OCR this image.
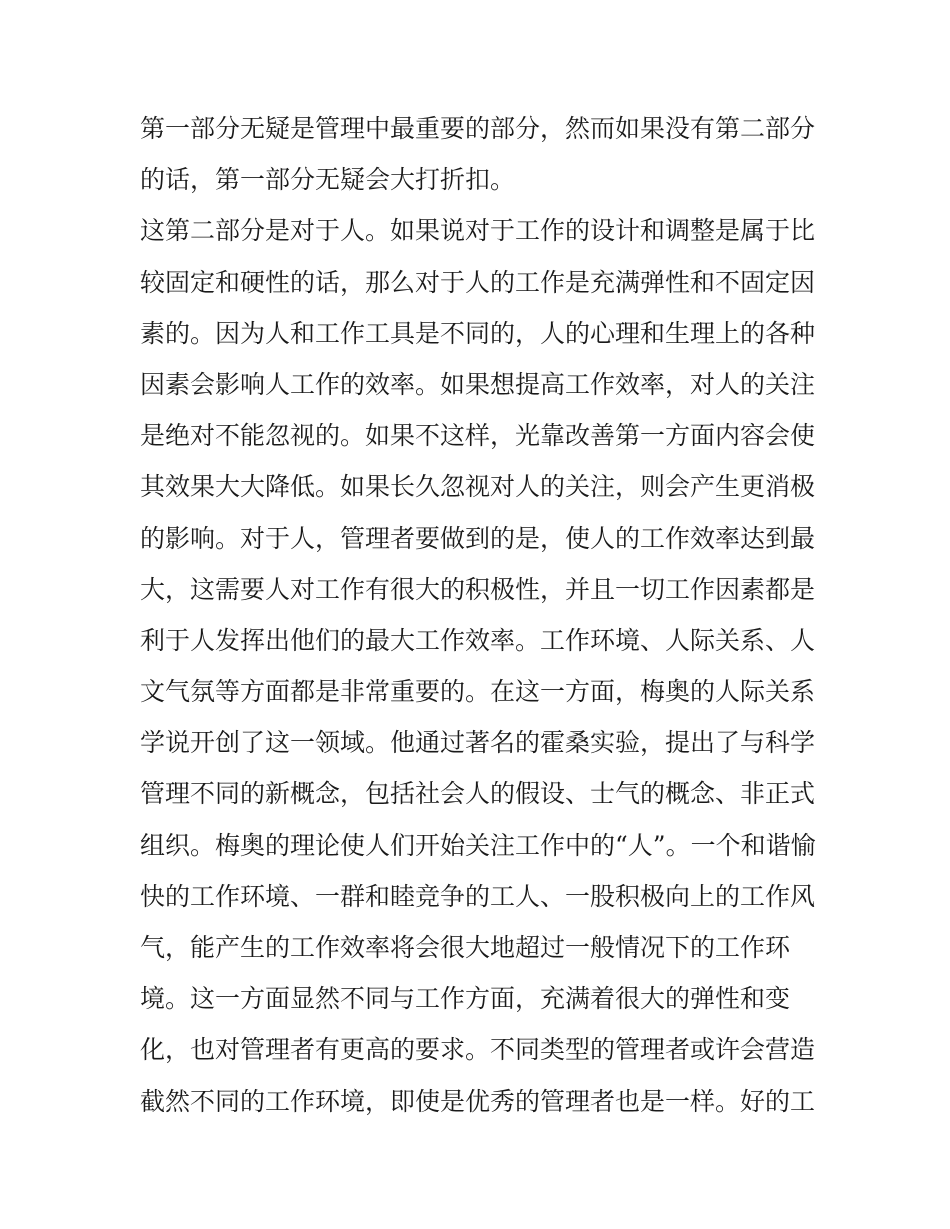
第一部分无疑是管理中最重要的部分，然而如果没有第二部分
的话，第一部分无疑会大打折扣。
这第二部分是对于人。如果说对于工作的设计和调整是属于比
较固定和硬性的话，那么对于人的工作是充满弹性和不固定因
素的。因为人和工作工具是不同的，人的心理和生理上的各种
因素会影响人工作的效率。如果想提高工作效率，对人的关注
是绝对不能忽视的。如果不这样，光靠改善第一方面内容会使
其效果大大降低。如果长久忽视对人的关注，则会产生更消极
的影响。对于人，管理者要做到的是，使人的工作效率达到最
大，这需要人对工作有很大的积极性，并且一切工作因素都是
利于人发挥出他们的最大工作效率。工作环境、人际关系、人
文气氛等方面都是非常重要的。在这一方面，梅奥的人际关系
学说开创了这一领域。他通过著名的霍桑实验，提出了与科学
管理不同的新概念，包括社会人的假设、士气的概念、非正式
组织。梅奥的理论使人们开始关注工作中的“人”。一个和谐愉
快的工作环境、一群和睦竞争的工人、一股积极向上的工作风
气，能产生的工作效率将会很大地超过一般情况下的工作环
境。这一方面显然不同与工作方面，充满着很大的弹性和变
化，也对管理者有更高的要求。不同类型的管理者或许会营造
截然不同的工作环境，即使是优秀的管理者也是一样。好的工
